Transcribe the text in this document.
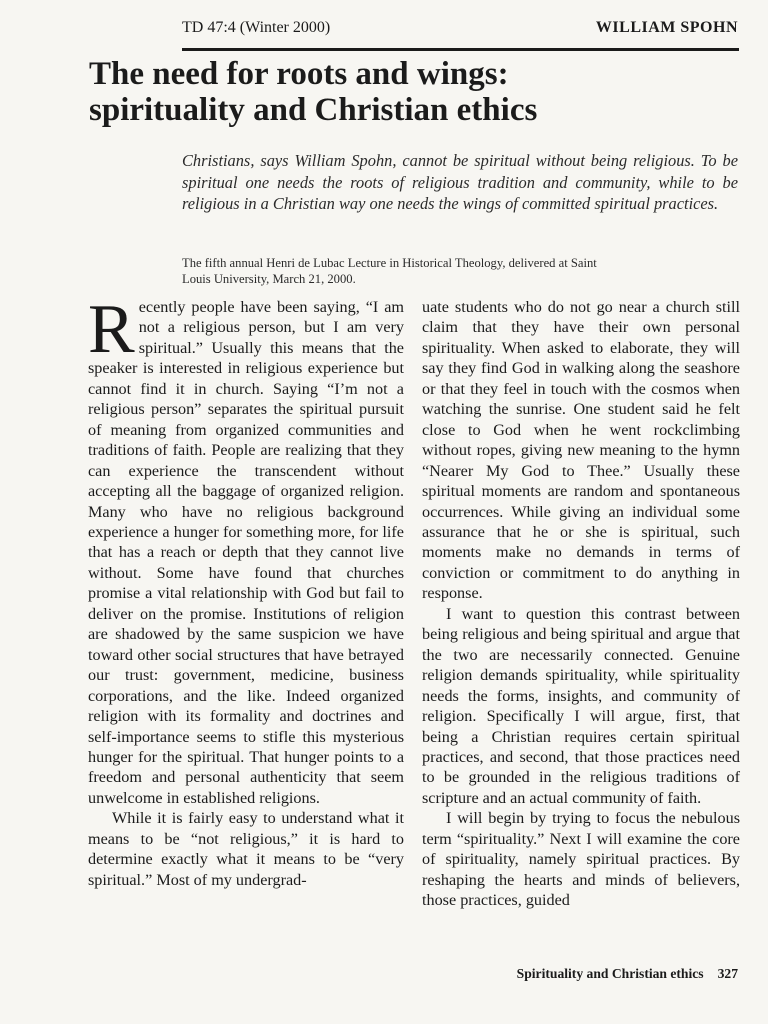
TD 47:4 (Winter 2000)	WILLIAM SPOHN
The need for roots and wings:
spirituality and Christian ethics

Christians, says William Spohn, cannot be spiritual without being religious. To be spiritual one needs the roots of religious tradition and community, while to be religious in a Christian way one needs the wings of committed spiritual practices.

The fifth annual Henri de Lubac Lecture in Historical Theology, delivered at Saint
Louis University, March 21, 2000.

Recently people have been saying, “I am not a religious person, but I am very spiritual.” Usually this means that the speaker is interested in religious experience but cannot find it in church. Saying “I’m not a religious person” separates the spiritual pursuit of meaning from organized communities and traditions of faith. People are realizing that they can experience the transcendent without accepting all the baggage of organized religion. Many who have no religious background experience a hunger for something more, for life that has a reach or depth that they cannot live without. Some have found that churches promise a vital relationship with God but fail to deliver on the promise. Institutions of religion are shadowed by the same suspicion we have toward other social structures that have betrayed our trust: government, medicine, business corporations, and the like. Indeed organized religion with its formality and doctrines and self-importance seems to stifle this mysterious hunger for the spiritual. That hunger points to a freedom and personal authenticity that seem unwelcome in established religions.

While it is fairly easy to understand what it means to be “not religious,” it is hard to determine exactly what it means to be “very spiritual.” Most of my undergrad-

uate students who do not go near a church still claim that they have their own personal spirituality. When asked to elaborate, they will say they find God in walking along the seashore or that they feel in touch with the cosmos when watching the sunrise. One student said he felt close to God when he went rockclimbing without ropes, giving new meaning to the hymn “Nearer My God to Thee.” Usually these spiritual moments are random and spontaneous occurrences. While giving an individual some assurance that he or she is spiritual, such moments make no demands in terms of conviction or commitment to do anything in response.

I want to question this contrast between being religious and being spiritual and argue that the two are necessarily connected. Genuine religion demands spirituality, while spirituality needs the forms, insights, and community of religion. Specifically I will argue, first, that being a Christian requires certain spiritual practices, and second, that those practices need to be grounded in the religious traditions of scripture and an actual community of faith.

I will begin by trying to focus the nebulous term “spirituality.” Next I will examine the core of spirituality, namely spiritual practices. By reshaping the hearts and minds of believers, those practices, guided

Spirituality and Christian ethics 327
